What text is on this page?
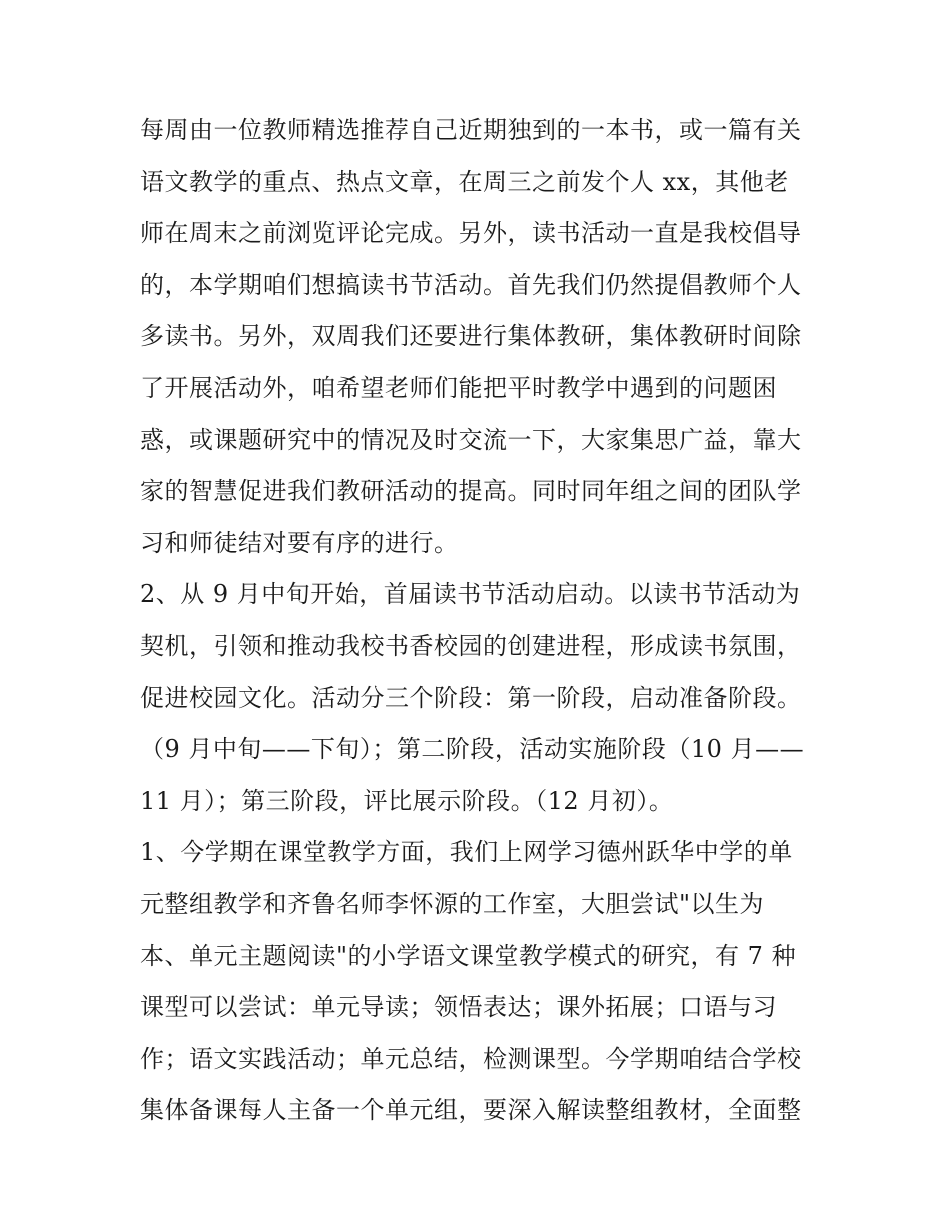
每周由一位教师精选推荐自己近期独到的一本书，或一篇有关
语文教学的重点、热点文章，在周三之前发个人 xx，其他老
师在周末之前浏览评论完成。另外，读书活动一直是我校倡导
的，本学期咱们想搞读书节活动。首先我们仍然提倡教师个人
多读书。另外，双周我们还要进行集体教研，集体教研时间除
了开展活动外，咱希望老师们能把平时教学中遇到的问题困
惑，或课题研究中的情况及时交流一下，大家集思广益，靠大
家的智慧促进我们教研活动的提高。同时同年组之间的团队学
习和师徒结对要有序的进行。
2、从 9 月中旬开始，首届读书节活动启动。以读书节活动为
契机，引领和推动我校书香校园的创建进程，形成读书氛围，
促进校园文化。活动分三个阶段：第一阶段，启动准备阶段。
（9 月中旬——下旬）；第二阶段，活动实施阶段（10 月——
11 月）；第三阶段，评比展示阶段。（12 月初）。
1、今学期在课堂教学方面，我们上网学习德州跃华中学的单
元整组教学和齐鲁名师李怀源的工作室，大胆尝试"以生为
本、单元主题阅读"的小学语文课堂教学模式的研究，有 7 种
课型可以尝试：单元导读；领悟表达；课外拓展；口语与习
作；语文实践活动；单元总结，检测课型。今学期咱结合学校
集体备课每人主备一个单元组，要深入解读整组教材，全面整
